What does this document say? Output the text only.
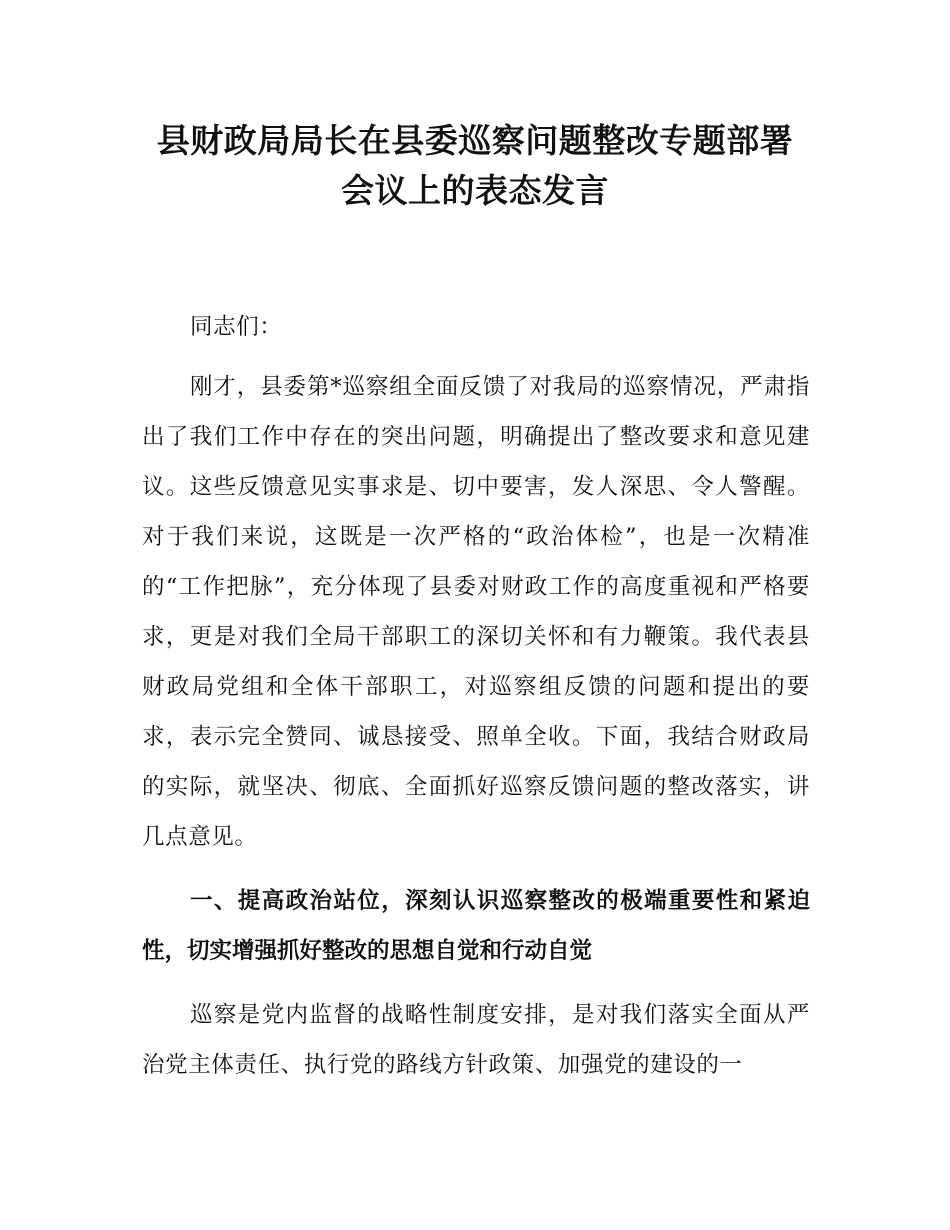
县财政局局长在县委巡察问题整改专题部署
会议上的表态发言

同志们：

刚才，县委第*巡察组全面反馈了对我局的巡察情况，严肃指出了我们工作中存在的突出问题，明确提出了整改要求和意见建议。这些反馈意见实事求是、切中要害，发人深思、令人警醒。对于我们来说，这既是一次严格的“政治体检”，也是一次精准的“工作把脉”，充分体现了县委对财政工作的高度重视和严格要求，更是对我们全局干部职工的深切关怀和有力鞭策。我代表县财政局党组和全体干部职工，对巡察组反馈的问题和提出的要求，表示完全赞同、诚恳接受、照单全收。下面，我结合财政局的实际，就坚决、彻底、全面抓好巡察反馈问题的整改落实，讲几点意见。

一、提高政治站位，深刻认识巡察整改的极端重要性和紧迫性，切实增强抓好整改的思想自觉和行动自觉

巡察是党内监督的战略性制度安排，是对我们落实全面从严治党主体责任、执行党的路线方针政策、加强党的建设的一
